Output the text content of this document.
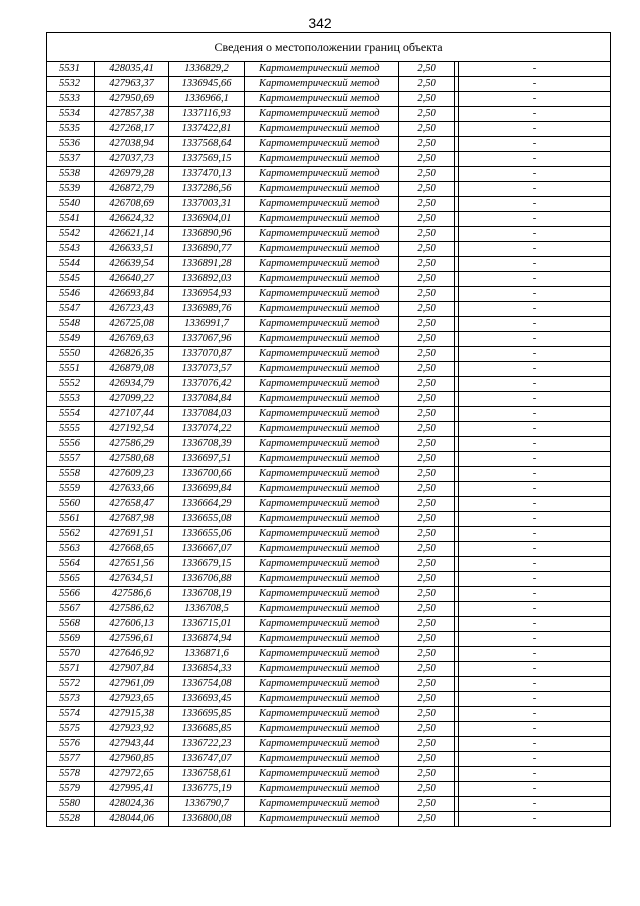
342
Сведения о местоположении границ объекта						
5531	428035,41	1336829,2	Картометрический метод	2,50		-
5532	427963,37	1336945,66	Картометрический метод	2,50		-
5533	427950,69	1336966,1	Картометрический метод	2,50		-
5534	427857,38	1337116,93	Картометрический метод	2,50		-
5535	427268,17	1337422,81	Картометрический метод	2,50		-
5536	427038,94	1337568,64	Картометрический метод	2,50		-
5537	427037,73	1337569,15	Картометрический метод	2,50		-
5538	426979,28	1337470,13	Картометрический метод	2,50		-
5539	426872,79	1337286,56	Картометрический метод	2,50		-
5540	426708,69	1337003,31	Картометрический метод	2,50		-
5541	426624,32	1336904,01	Картометрический метод	2,50		-
5542	426621,14	1336890,96	Картометрический метод	2,50		-
5543	426633,51	1336890,77	Картометрический метод	2,50		-
5544	426639,54	1336891,28	Картометрический метод	2,50		-
5545	426640,27	1336892,03	Картометрический метод	2,50		-
5546	426693,84	1336954,93	Картометрический метод	2,50		-
5547	426723,43	1336989,76	Картометрический метод	2,50		-
5548	426725,08	1336991,7	Картометрический метод	2,50		-
5549	426769,63	1337067,96	Картометрический метод	2,50		-
5550	426826,35	1337070,87	Картометрический метод	2,50		-
5551	426879,08	1337073,57	Картометрический метод	2,50		-
5552	426934,79	1337076,42	Картометрический метод	2,50		-
5553	427099,22	1337084,84	Картометрический метод	2,50		-
5554	427107,44	1337084,03	Картометрический метод	2,50		-
5555	427192,54	1337074,22	Картометрический метод	2,50		-
5556	427586,29	1336708,39	Картометрический метод	2,50		-
5557	427580,68	1336697,51	Картометрический метод	2,50		-
5558	427609,23	1336700,66	Картометрический метод	2,50		-
5559	427633,66	1336699,84	Картометрический метод	2,50		-
5560	427658,47	1336664,29	Картометрический метод	2,50		-
5561	427687,98	1336655,08	Картометрический метод	2,50		-
5562	427691,51	1336655,06	Картометрический метод	2,50		-
5563	427668,65	1336667,07	Картометрический метод	2,50		-
5564	427651,56	1336679,15	Картометрический метод	2,50		-
5565	427634,51	1336706,88	Картометрический метод	2,50		-
5566	427586,6	1336708,19	Картометрический метод	2,50		-
5567	427586,62	1336708,5	Картометрический метод	2,50		-
5568	427606,13	1336715,01	Картометрический метод	2,50		-
5569	427596,61	1336874,94	Картометрический метод	2,50		-
5570	427646,92	1336871,6	Картометрический метод	2,50		-
5571	427907,84	1336854,33	Картометрический метод	2,50		-
5572	427961,09	1336754,08	Картометрический метод	2,50		-
5573	427923,65	1336693,45	Картометрический метод	2,50		-
5574	427915,38	1336695,85	Картометрический метод	2,50		-
5575	427923,92	1336685,85	Картометрический метод	2,50		-
5576	427943,44	1336722,23	Картометрический метод	2,50		-
5577	427960,85	1336747,07	Картометрический метод	2,50		-
5578	427972,65	1336758,61	Картометрический метод	2,50		-
5579	427995,41	1336775,19	Картометрический метод	2,50		-
5580	428024,36	1336790,7	Картометрический метод	2,50		-
5528	428044,06	1336800,08	Картометрический метод	2,50		-
